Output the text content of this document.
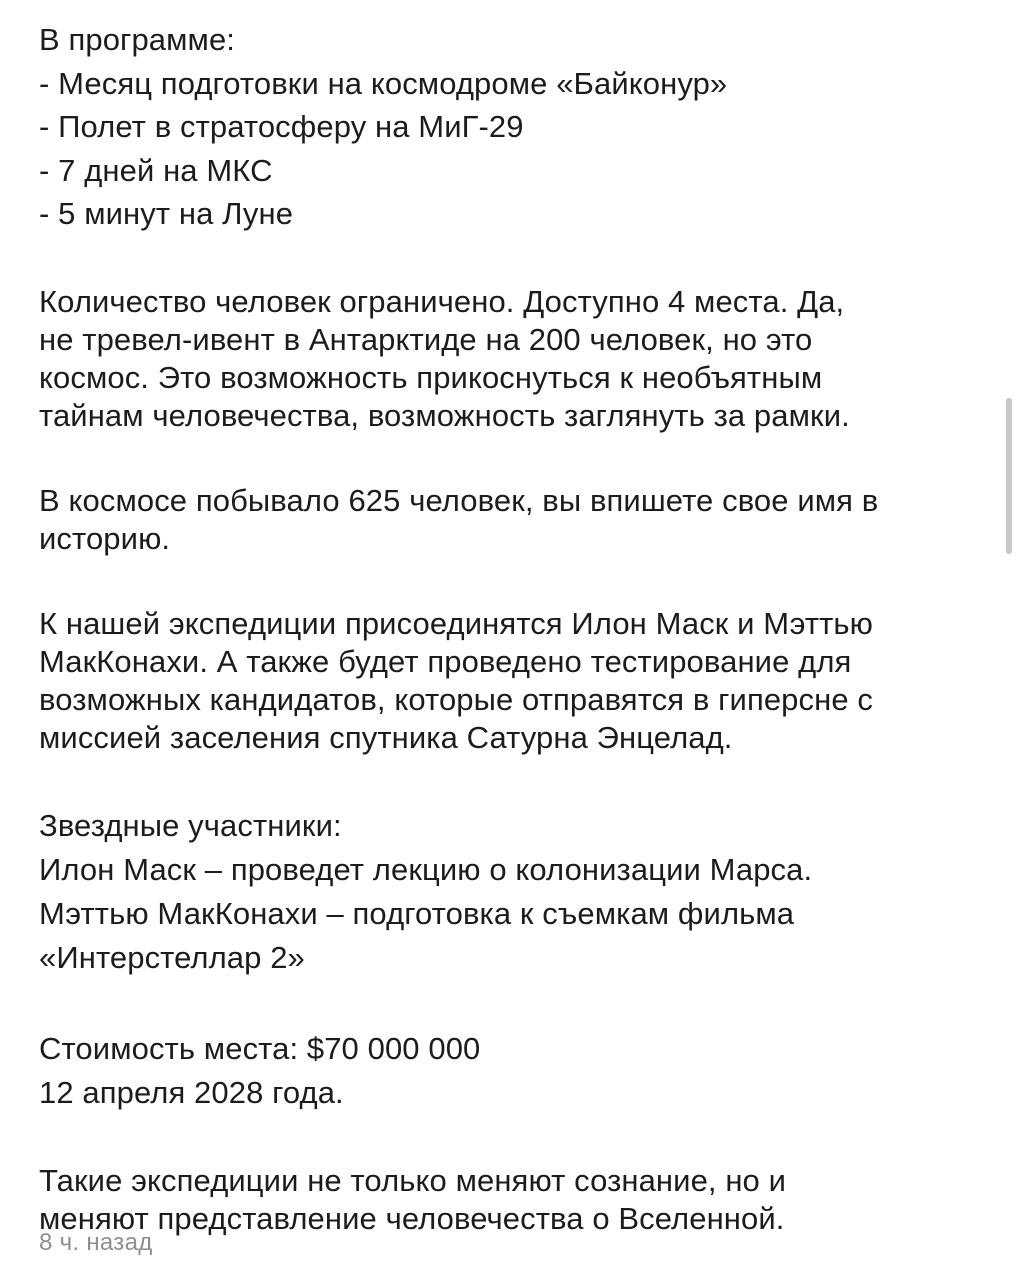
В программе:
- Месяц подготовки на космодроме «Байконур»
- Полет в стратосферу на МиГ-29
- 7 дней на МКС
- 5 минут на Луне
Количество человек ограничено. Доступно 4 места. Да,
не тревел-ивент в Антарктиде на 200 человек, но это
космос. Это возможность прикоснуться к необъятным
тайнам человечества, возможность заглянуть за рамки.
В космосе побывало 625 человек, вы впишете свое имя в
историю.
К нашей экспедиции присоединятся Илон Маск и Мэттью
МакКонахи. А также будет проведено тестирование для
возможных кандидатов, которые отправятся в гиперсне с
миссией заселения спутника Сатурна Энцелад.
Звездные участники:
Илон Маск – проведет лекцию о колонизации Марса.
Мэттью МакКонахи – подготовка к съемкам фильма
«Интерстеллар 2»
Стоимость места: $70 000 000
12 апреля 2028 года.
Такие экспедиции не только меняют сознание, но и
меняют представление человечества о Вселенной.
8 ч. назад
